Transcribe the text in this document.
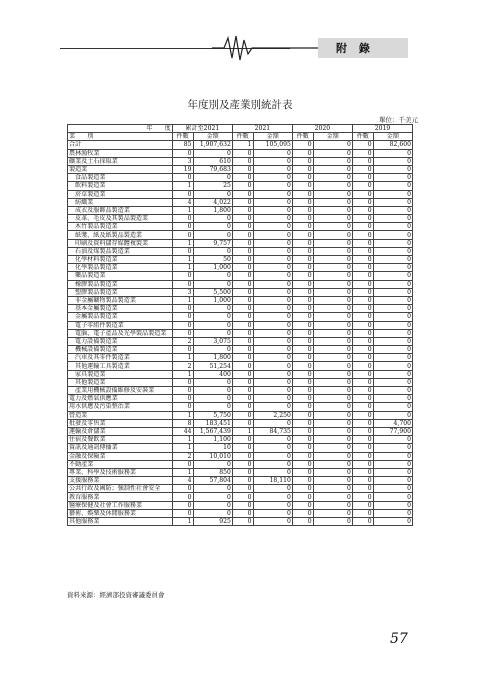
附 錄
年度別及產業別統計表
單位：千美元
年　　度	累計至2021		2021		2020		2019	
業　　別	件數	金額	件數	金額	件數	金額	件數	金額
合計	85	1,907,632	1	105,095	0	0	0	82,600
農林漁牧業	0	0	0	0	0	0	0	0
礦業及土石採取業	3	610	0	0	0	0	0	0
製造業	19	79,683	0	0	0	0	0	0
食品製造業	0	0	0	0	0	0	0	0
飲料製造業	1	25	0	0	0	0	0	0
菸草製造業	0	0	0	0	0	0	0	0
紡織業	4	4,022	0	0	0	0	0	0
成衣及服飾品製造業	1	1,800	0	0	0	0	0	0
皮革、毛皮及其製品製造業	0	0	0	0	0	0	0	0
木竹製品製造業	0	0	0	0	0	0	0	0
紙漿、紙及紙製品製造業	0	0	0	0	0	0	0	0
印刷及資料儲存媒體複製業	1	9,757	0	0	0	0	0	0
石油及煤製品製造業	0	0	0	0	0	0	0	0
化學材料製造業	1	50	0	0	0	0	0	0
化學製品製造業	1	1,000	0	0	0	0	0	0
藥品製造業	0	0	0	0	0	0	0	0
橡膠製品製造業	0	0	0	0	0	0	0	0
塑膠製品製造業	3	5,500	0	0	0	0	0	0
非金屬礦物製品製造業	1	1,000	0	0	0	0	0	0
基本金屬製造業	0	0	0	0	0	0	0	0
金屬製品製造業	0	0	0	0	0	0	0	0
電子零組件製造業	0	0	0	0	0	0	0	0
電腦、電子產品及光學製品製造業	0	0	0	0	0	0	0	0
電力設備製造業	2	3,075	0	0	0	0	0	0
機械設備製造業	0	0	0	0	0	0	0	0
汽車及其零件製造業	1	1,800	0	0	0	0	0	0
其他運輸工具製造業	2	51,254	0	0	0	0	0	0
家具製造業	1	400	0	0	0	0	0	0
其他製造業	0	0	0	0	0	0	0	0
產業用機械設備維修及安裝業	0	0	0	0	0	0	0	0
電力及燃氣供應業	0	0	0	0	0	0	0	0
用水供應及污染整治業	0	0	0	0	0	0	0	0
營造業	1	5,750	0	2,250	0	0	0	0
批發及零售業	8	183,451	0	0	0	0	0	4,700
運輸及倉儲業	44	1,567,439	1	84,735	0	0	0	77,900
住宿及餐飲業	1	1,100	0	0	0	0	0	0
資訊及通訊傳播業	1	10	0	0	0	0	0	0
金融及保險業	2	10,010	0	0	0	0	0	0
不動產業	0	0	0	0	0	0	0	0
專業、科學及技術服務業	1	850	0	0	0	0	0	0
支援服務業	4	57,804	0	18,110	0	0	0	0
公共行政及國防；強制性社會安全	0	0	0	0	0	0	0	0
教育服務業	0	0	0	0	0	0	0	0
醫療保健及社會工作服務業	0	0	0	0	0	0	0	0
藝術、娛樂及休閒服務業	0	0	0	0	0	0	0	0
其他服務業	1	925	0	0	0	0	0	0
資料來源：經濟部投資審議委員會
57
